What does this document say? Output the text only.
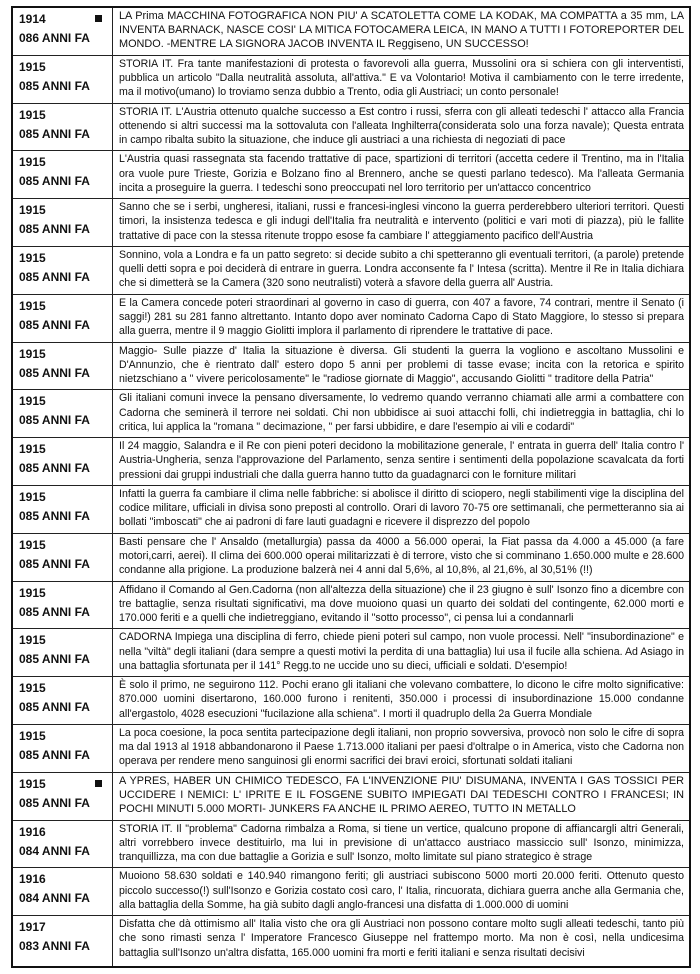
1914
086 ANNI FA
LA Prima MACCHINA FOTOGRAFICA NON PIU' A SCATOLETTA COME LA KODAK, MA COMPATTA a 35 mm, LA INVENTA BARNACK, NASCE COSI' LA MITICA FOTOCAMERA LEICA, IN MANO A TUTTI I FOTOREPORTER DEL MONDO. -MENTRE LA SIGNORA JACOB INVENTA IL Reggiseno, UN SUCCESSO!
1915
085 ANNI FA
STORIA IT. Fra tante manifestazioni di protesta o favorevoli alla guerra, Mussolini ora si schiera con gli interventisti, pubblica un articolo "Dalla neutralità assoluta, all'attiva." E va Volontario! Motiva il cambiamento con le terre irredente, ma il motivo(umano) lo troviamo senza dubbio a Trento, odia gli Austriaci; un conto personale!
1915
085 ANNI FA
STORIA IT. L'Austria ottenuto qualche successo a Est contro i russi, sferra con gli alleati tedeschi l' attacco alla Francia ottenendo si altri successi ma la sottovaluta con l'alleata Inghilterra(considerata solo una forza navale); Questa entrata in campo ribalta subito la situazione, che induce gli austriaci a una richiesta di negoziati di pace
1915
085 ANNI FA
L'Austria quasi rassegnata sta facendo trattative di pace, spartizioni di territori (accetta cedere il Trentino, ma in l'Italia ora vuole pure Trieste, Gorizia e Bolzano fino al Brennero, anche se questi parlano tedesco). Ma l'alleata Germania incita a proseguire la guerra. I tedeschi sono preoccupati nel loro territorio per un'attacco concentrico
1915
085 ANNI FA
Sanno che se i serbi, ungheresi, italiani, russi e francesi-inglesi vincono la guerra perderebbero ulteriori territori. Questi timori, la insistenza tedesca e gli indugi dell'Italia fra neutralità e intervento (politici e vari moti di piazza), più le fallite trattative di pace con la stessa ritenute troppo esose fa cambiare l' atteggiamento pacifico dell'Austria
1915
085 ANNI FA
Sonnino, vola a Londra e fa un patto segreto: si decide subito a chi spetteranno gli eventuali territori, (a parole) pretende quelli detti sopra e poi deciderà di entrare in guerra. Londra acconsente fa l' Intesa (scritta). Mentre il Re in Italia dichiara che si dimetterà se la Camera (320 sono neutralisti) voterà a sfavore della guerra all' Austria.
1915
085 ANNI FA
E la Camera concede poteri straordinari al governo in caso di guerra, con 407 a favore, 74 contrari, mentre il Senato (i saggi!) 281 su 281 fanno altrettanto. Intanto dopo aver nominato Cadorna Capo di Stato Maggiore, lo stesso si prepara alla guerra, mentre il 9 maggio Giolitti implora il parlamento di riprendere le trattative di pace.
1915
085 ANNI FA
Maggio- Sulle piazze d' Italia la situazione è diversa. Gli studenti la guerra la vogliono e ascoltano Mussolini e D'Annunzio, che è rientrato dall' estero dopo 5 anni per problemi di tasse evase; incita con la retorica e spirito nietzschiano a " vivere pericolosamente" le "radiose giornate di Maggio", accusando Giolitti " traditore della Patria"
1915
085 ANNI FA
Gli italiani comuni invece la pensano diversamente, lo vedremo quando verranno chiamati alle armi a combattere con Cadorna che seminerà il terrore nei soldati. Chi non ubbidisce ai suoi attacchi folli, chi indietreggia in battaglia, chi lo critica, lui applica la "romana " decimazione, " per farsi ubbidire, e dare l'esempio ai vili e codardi"
1915
085 ANNI FA
Il 24 maggio, Salandra e il Re con pieni poteri decidono la mobilitazione generale, l' entrata in guerra dell' Italia contro l' Austria-Ungheria, senza l'approvazione del Parlamento, senza sentire i sentimenti della popolazione scavalcata da forti pressioni dai gruppi industriali che dalla guerra hanno tutto da guadagnarci con le forniture militari
1915
085 ANNI FA
Infatti la guerra fa cambiare il clima nelle fabbriche: si abolisce il diritto di sciopero, negli stabilimenti vige la disciplina del codice militare, ufficiali in divisa sono preposti al controllo. Orari di lavoro 70-75 ore settimanali, che permetteranno sia ai bollati "imboscati" che ai padroni di fare lauti guadagni e ricevere il disprezzo del popolo
1915
085 ANNI FA
Basti pensare che l' Ansaldo (metallurgia) passa da 4000 a 56.000 operai, la Fiat passa da 4.000 a 45.000 (a fare motori,carri, aerei). Il clima dei 600.000 operai militarizzati è di terrore, visto che si comminano 1.650.000 multe e 28.600 condanne alla prigione. La produzione balzerà nei 4 anni dal 5,6%, al 10,8%, al 21,6%, al 30,51% (!!)
1915
085 ANNI FA
Affidano il Comando al Gen.Cadorna (non all'altezza della situazione) che il 23 giugno è sull' Isonzo fino a dicembre con tre battaglie, senza risultati significativi, ma dove muoiono quasi un quarto dei soldati del contingente, 62.000 morti e 170.000 feriti e a quelli che indietreggiano, evitando il "sotto processo", ci pensa lui a condannarli
1915
085 ANNI FA
CADORNA Impiega una disciplina di ferro, chiede pieni poteri sul campo, non vuole processi. Nell' "insubordinazione" e nella "viltà" degli italiani (dara sempre a questi motivi la perdita di una battaglia) lui usa il fucile alla schiena. Ad Asiago in una battaglia sfortunata per il 141° Regg.to ne uccide uno su dieci, ufficiali e soldati. D'esempio!
1915
085 ANNI FA
È solo il primo, ne seguirono 112. Pochi erano gli italiani che volevano combattere, lo dicono le cifre molto significative: 870.000 uomini disertarono, 160.000 furono i renitenti, 350.000 i processi di insubordinazione 15.000 condanne all'ergastolo, 4028 esecuzioni "fucilazione alla schiena". I morti il quadruplo della 2a Guerra Mondiale
1915
085 ANNI FA
La poca coesione, la poca sentita partecipazione degli italiani, non proprio sovversiva, provocò non solo le cifre di sopra ma dal 1913 al 1918 abbandonarono il Paese 1.713.000 italiani per paesi d'oltralpe o in America, visto che Cadorna non operava per rendere meno sanguinosi gli enormi sacrifici dei bravi eroici, sfortunati soldati italiani
1915
085 ANNI FA
A YPRES, HABER UN CHIMICO TEDESCO, FA L'INVENZIONE PIU' DISUMANA, INVENTA I GAS TOSSICI PER UCCIDERE I NEMICI: L' IPRITE E IL FOSGENE SUBITO IMPIEGATI DAI TEDESCHI CONTRO I FRANCESI; IN POCHI MINUTI 5.000 MORTI- JUNKERS FA ANCHE IL PRIMO AEREO, TUTTO IN METALLO
1916
084 ANNI FA
STORIA IT. Il "problema" Cadorna rimbalza a Roma, si tiene un vertice, qualcuno propone di affiancargli altri Generali, altri vorrebbero invece destituirlo, ma lui in previsione di un'attacco austriaco massiccio sull' Isonzo, minimizza, tranquillizza, ma con due battaglie a Gorizia e sull' Isonzo, molto limitate sul piano strategico è strage
1916
084 ANNI FA
Muoiono 58.630 soldati e 140.940 rimangono feriti; gli austriaci subiscono 5000 morti 20.000 feriti. Ottenuto questo piccolo successo(!) sull'Isonzo e Gorizia costato così caro, l' Italia, rincuorata, dichiara guerra anche alla Germania che, alla battaglia della Somme, ha già subito dagli anglo-francesi una disfatta di 1.000.000 di uomini
1917
083 ANNI FA
Disfatta che dà ottimismo all' Italia visto che ora gli Austriaci non possono contare molto sugli alleati tedeschi, tanto più che sono rimasti senza l' Imperatore Francesco Giuseppe nel frattempo morto. Ma non è così, nella undicesima battaglia sull'Isonzo un'altra disfatta, 165.000 uomini fra morti e feriti italiani e senza risultati decisivi
